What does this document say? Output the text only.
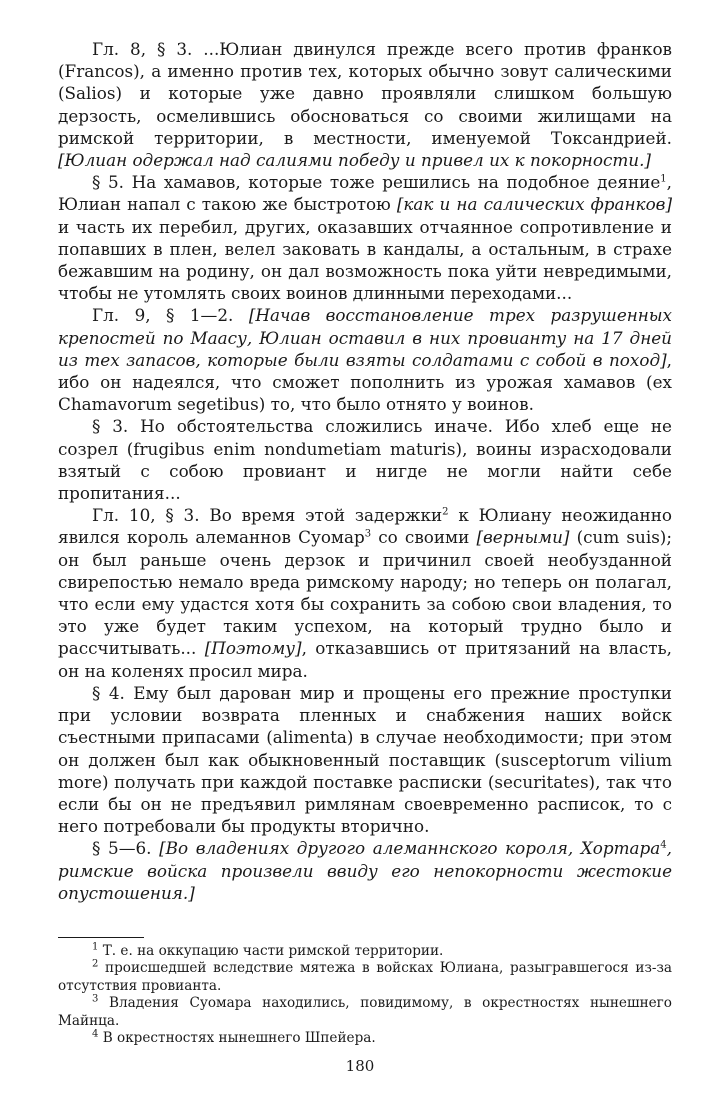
Гл. 8, § 3. ...Юлиан двинулся прежде всего против франков (Francos), а именно против тех, которых обычно зовут салическими (Salios) и которые уже давно проявляли слишком большую дерзость, осмелившись обосноваться со своими жилищами на римской территории, в местности, именуемой Токсандрией. [Юлиан одержал над салиями победу и привел их к покорности.]

§ 5. На хамавов, которые тоже решились на подобное деяние$^1$, Юлиан напал с такою же быстротою [как и на салических франков] и часть их перебил, других, оказавших отчаянное сопротивление и попавших в плен, велел заковать в кандалы, а остальным, в страхе бежавшим на родину, он дал возможность пока уйти невредимыми, чтобы не утомлять своих воинов длинными переходами...

Гл. 9, § 1—2. [Начав восстановление трех разрушенных крепостей по Маасу, Юлиан оставил в них провианту на 17 дней из тех запасов, которые были взяты солдатами с собой в поход], ибо он надеялся, что сможет пополнить из урожая хамавов (ex Chamavorum segetibus) то, что было отнято у воинов.

§ 3. Но обстоятельства сложились иначе. Ибо хлеб еще не созрел (frugibus enim nondumetiam maturis), воины израсходовали взятый с собою провиант и нигде не могли найти себе пропитания...

Гл. 10, § 3. Во время этой задержки$^2$ к Юлиану неожиданно явился король алеманнов Суомар$^3$ со своими [верными] (cum suis); он был раньше очень дерзок и причинил своей необузданной свирепостью немало вреда римскому народу; но теперь он полагал, что если ему удастся хотя бы сохранить за собою свои владения, то это уже будет таким успехом, на который трудно было и рассчитывать... [Поэтому], отказавшись от притязаний на власть, он на коленях просил мира.

§ 4. Ему был дарован мир и прощены его прежние проступки при условии возврата пленных и снабжения наших войск съестными припасами (alimenta) в случае необходимости; при этом он должен был как обыкновенный поставщик (susceptorum vilium more) получать при каждой поставке расписки (securitates), так что если бы он не предъявил римлянам своевременно расписок, то с него потребовали бы продукты вторично.

§ 5—6. [Во владениях другого алеманнского короля, Хортара$^4$, римские войска произвели ввиду его непокорности жестокие опустошения.]

$^1$ Т. е. на оккупацию части римской территории.

$^2$ происшедшей вследствие мятежа в войсках Юлиана, разыгравшегося из-за отсутствия провианта.

$^3$ Владения Суомара находились, повидимому, в окрестностях нынешнего Майнца.

$^4$ В окрестностях нынешнего Шпейера.

180
